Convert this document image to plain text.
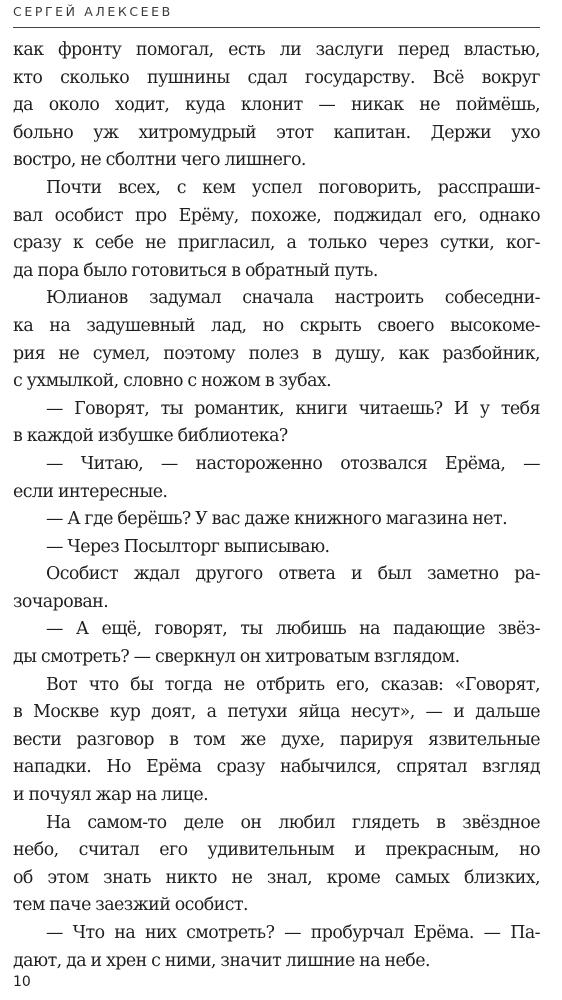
СЕРГЕЙ АЛЕКСЕЕВ
как фронту помогал, есть ли заслуги перед властью,
кто сколько пушнины сдал государству. Всё вокруг
да около ходит, куда клонит — никак не поймёшь,
больно уж хитромудрый этот капитан. Держи ухо
востро, не сболтни чего лишнего.
Почти всех, с кем успел поговорить, расспраши-
вал особист про Ерёму, похоже, поджидал его, однако
сразу к себе не пригласил, а только через сутки, ког-
да пора было готовиться в обратный путь.
Юлианов задумал сначала настроить собеседни-
ка на задушевный лад, но скрыть своего высокоме-
рия не сумел, поэтому полез в душу, как разбойник,
с ухмылкой, словно с ножом в зубах.
— Говорят, ты романтик, книги читаешь? И у тебя
в каждой избушке библиотека?
— Читаю, — настороженно отозвался Ерёма, —
если интересные.
— А где берёшь? У вас даже книжного магазина нет.
— Через Посылторг выписываю.
Особист ждал другого ответа и был заметно ра-
зочарован.
— А ещё, говорят, ты любишь на падающие звёз-
ды смотреть? — сверкнул он хитроватым взглядом.
Вот что бы тогда не отбрить его, сказав: «Говорят,
в Москве кур доят, а петухи яйца несут», — и дальше
вести разговор в том же духе, парируя язвительные
нападки. Но Ерёма сразу набычился, спрятал взгляд
и почуял жар на лице.
На самом-то деле он любил глядеть в звёздное
небо, считал его удивительным и прекрасным, но
об этом знать никто не знал, кроме самых близких,
тем паче заезжий особист.
— Что на них смотреть? — пробурчал Ерёма. — Па-
дают, да и хрен с ними, значит лишние на небе.
10
